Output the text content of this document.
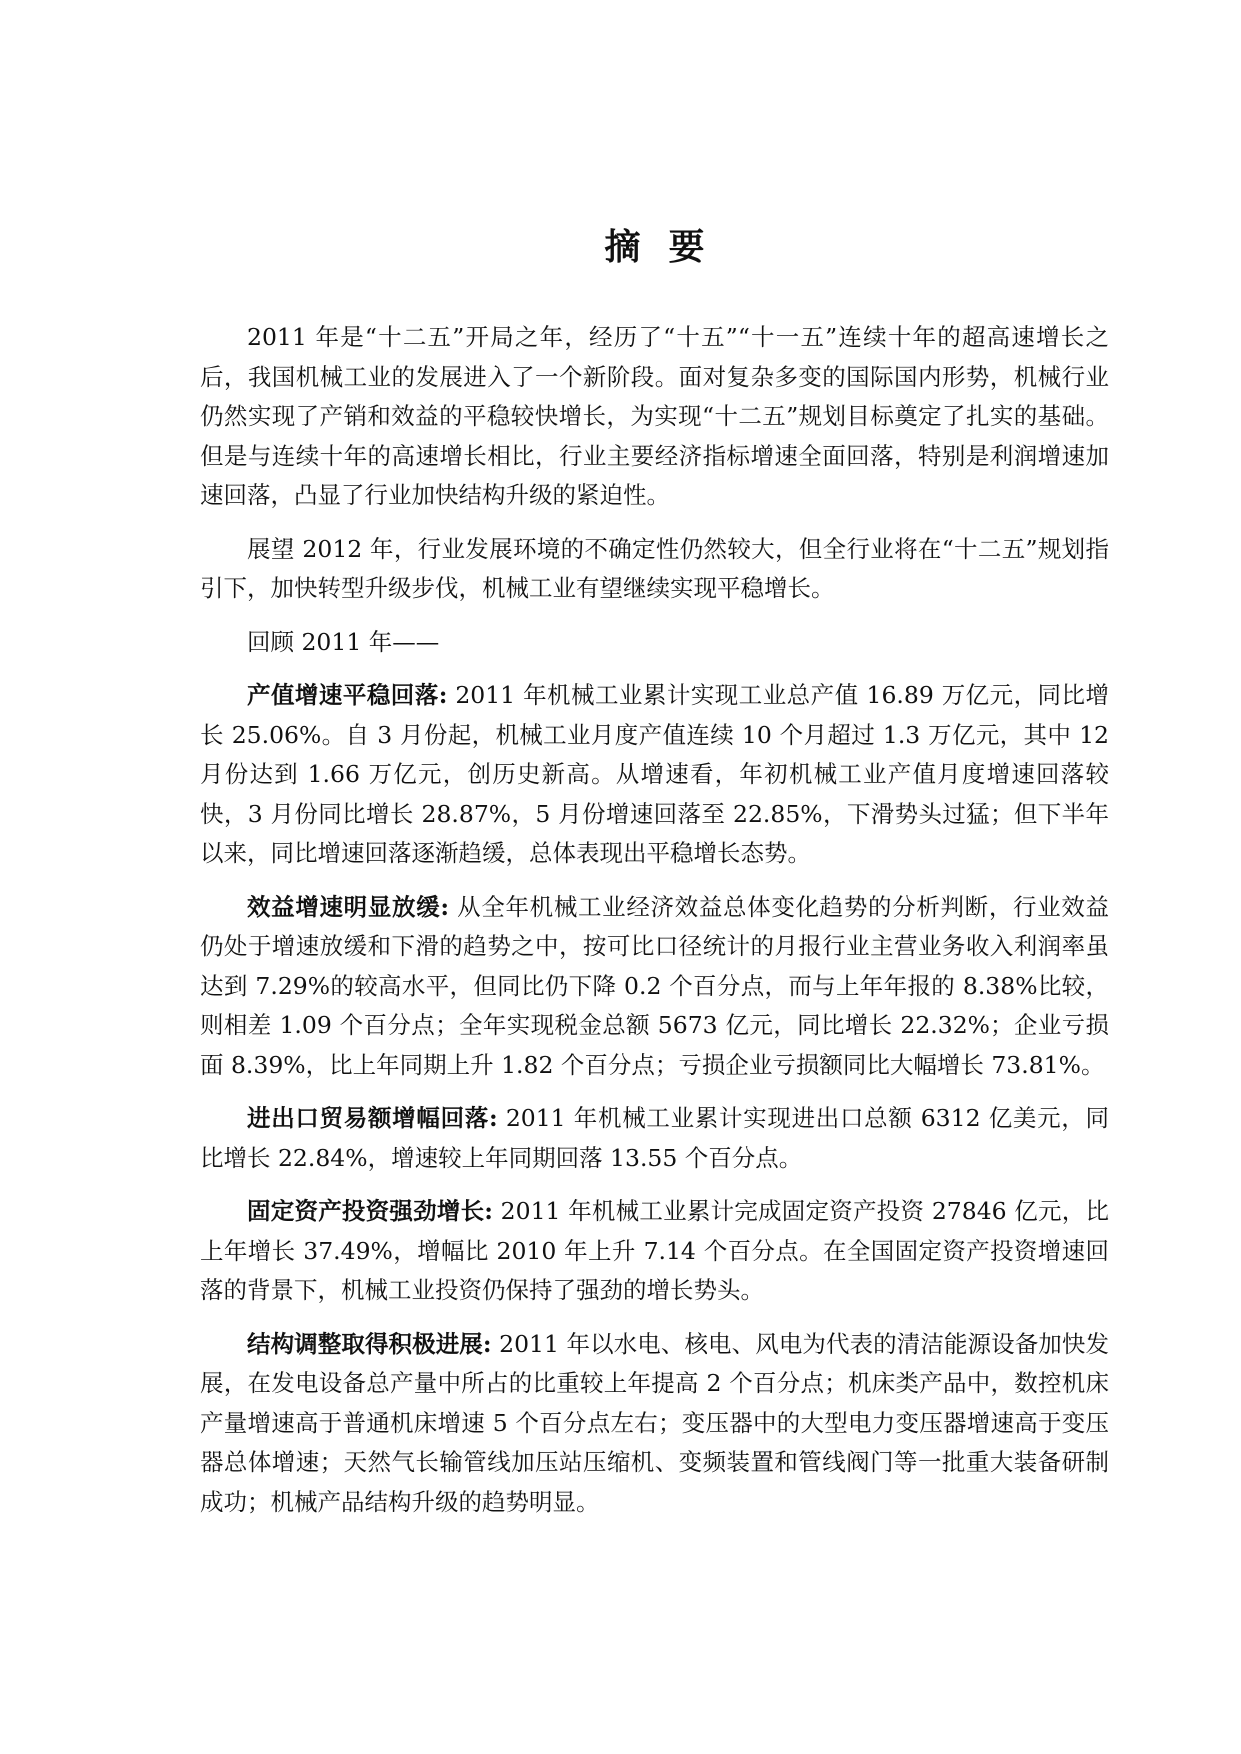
摘 要

2011 年是“十二五”开局之年，经历了“十五”“十一五”连续十年的超高速增长之后，我国机械工业的发展进入了一个新阶段。面对复杂多变的国际国内形势，机械行业仍然实现了产销和效益的平稳较快增长，为实现“十二五”规划目标奠定了扎实的基础。但是与连续十年的高速增长相比，行业主要经济指标增速全面回落，特别是利润增速加速回落，凸显了行业加快结构升级的紧迫性。

展望 2012 年，行业发展环境的不确定性仍然较大，但全行业将在“十二五”规划指引下，加快转型升级步伐，机械工业有望继续实现平稳增长。

回顾 2011 年——

产值增速平稳回落: 2011 年机械工业累计实现工业总产值 16.89 万亿元，同比增长 25.06%。自 3 月份起，机械工业月度产值连续 10 个月超过 1.3 万亿元，其中 12 月份达到 1.66 万亿元，创历史新高。从增速看，年初机械工业产值月度增速回落较快，3 月份同比增长 28.87%，5 月份增速回落至 22.85%，下滑势头过猛；但下半年以来，同比增速回落逐渐趋缓，总体表现出平稳增长态势。

效益增速明显放缓: 从全年机械工业经济效益总体变化趋势的分析判断，行业效益仍处于增速放缓和下滑的趋势之中，按可比口径统计的月报行业主营业务收入利润率虽达到 7.29%的较高水平，但同比仍下降 0.2 个百分点，而与上年年报的 8.38%比较，则相差 1.09 个百分点；全年实现税金总额 5673 亿元，同比增长 22.32%；企业亏损面 8.39%，比上年同期上升 1.82 个百分点；亏损企业亏损额同比大幅增长 73.81%。

进出口贸易额增幅回落: 2011 年机械工业累计实现进出口总额 6312 亿美元，同比增长 22.84%，增速较上年同期回落 13.55 个百分点。

固定资产投资强劲增长: 2011 年机械工业累计完成固定资产投资 27846 亿元，比上年增长 37.49%，增幅比 2010 年上升 7.14 个百分点。在全国固定资产投资增速回落的背景下，机械工业投资仍保持了强劲的增长势头。

结构调整取得积极进展: 2011 年以水电、核电、风电为代表的清洁能源设备加快发展，在发电设备总产量中所占的比重较上年提高 2 个百分点；机床类产品中，数控机床产量增速高于普通机床增速 5 个百分点左右；变压器中的大型电力变压器增速高于变压器总体增速；天然气长输管线加压站压缩机、变频装置和管线阀门等一批重大装备研制成功；机械产品结构升级的趋势明显。
